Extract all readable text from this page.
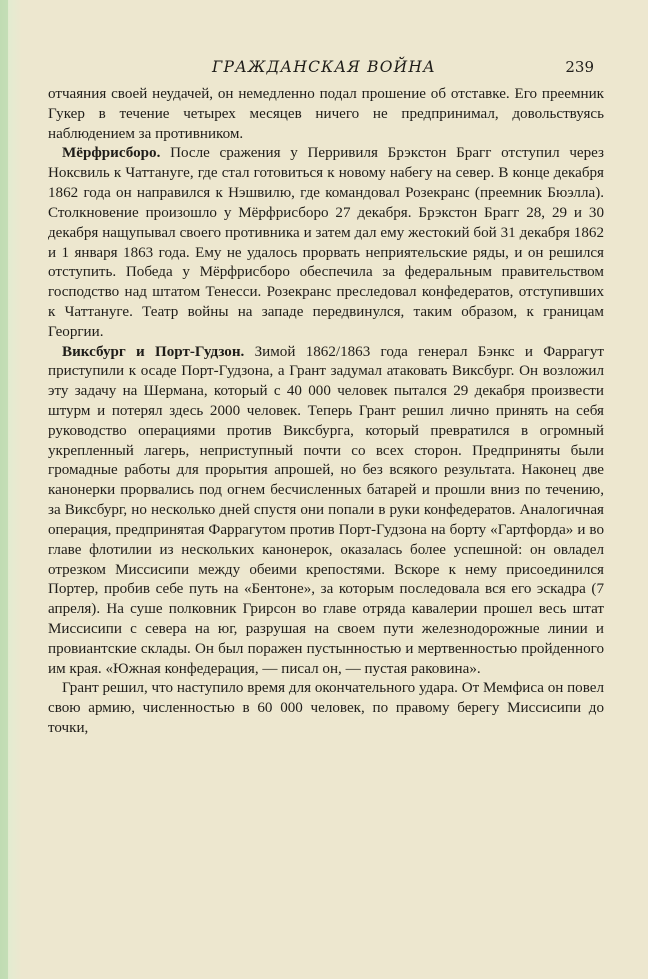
ГРАЖДАНСКАЯ ВОЙНА	239

отчаяния своей неудачей, он немедленно подал прошение об отставке. Его преемник Гукер в течение четырех месяцев ничего не предпринимал, довольствуясь наблюдением за противником.

Мёрфрисборо. После сражения у Перривиля Брэкстон Брагг отступил через Ноксвиль к Чаттануге, где стал готовиться к новому набегу на север. В конце декабря 1862 года он направился к Нэшвилю, где командовал Розекранс (преемник Бюэлла). Столкновение произошло у Мёрфрисборо 27 декабря. Брэкстон Брагг 28, 29 и 30 декабря нащупывал своего противника и затем дал ему жестокий бой 31 декабря 1862 и 1 января 1863 года. Ему не удалось прорвать неприятельские ряды, и он решился отступить. Победа у Мёрфрисборо обеспечила за федеральным правительством господство над штатом Тенесси. Розекранс преследовал конфедератов, отступивших к Чаттануге. Театр войны на западе передвинулся, таким образом, к границам Георгии.

Виксбург и Порт-Гудзон. Зимой 1862/1863 года генерал Бэнкс и Фаррагут приступили к осаде Порт-Гудзона, а Грант задумал атаковать Виксбург. Он возложил эту задачу на Шермана, который с 40 000 человек пытался 29 декабря произвести штурм и потерял здесь 2000 человек. Теперь Грант решил лично принять на себя руководство операциями против Виксбурга, который превратился в огромный укрепленный лагерь, неприступный почти со всех сторон. Предприняты были громадные работы для прорытия апрошей, но без всякого результата. Наконец две канонерки прорвались под огнем бесчисленных батарей и прошли вниз по течению, за Виксбург, но несколько дней спустя они попали в руки конфедератов. Аналогичная операция, предпринятая Фаррагутом против Порт-Гудзона на борту «Гартфорда» и во главе флотилии из нескольких канонерок, оказалась более успешной: он овладел отрезком Миссисипи между обеими крепостями. Вскоре к нему присоединился Портер, пробив себе путь на «Бентоне», за которым последовала вся его эскадра (7 апреля). На суше полковник Грирсон во главе отряда кавалерии прошел весь штат Миссисипи с севера на юг, разрушая на своем пути железнодорожные линии и провиантские склады. Он был поражен пустынностью и мертвенностью пройденного им края. «Южная конфедерация, — писал он, — пустая раковина».

Грант решил, что наступило время для окончательного удара. От Мемфиса он повел свою армию, численностью в 60 000 человек, по правому берегу Миссисипи до точки,
